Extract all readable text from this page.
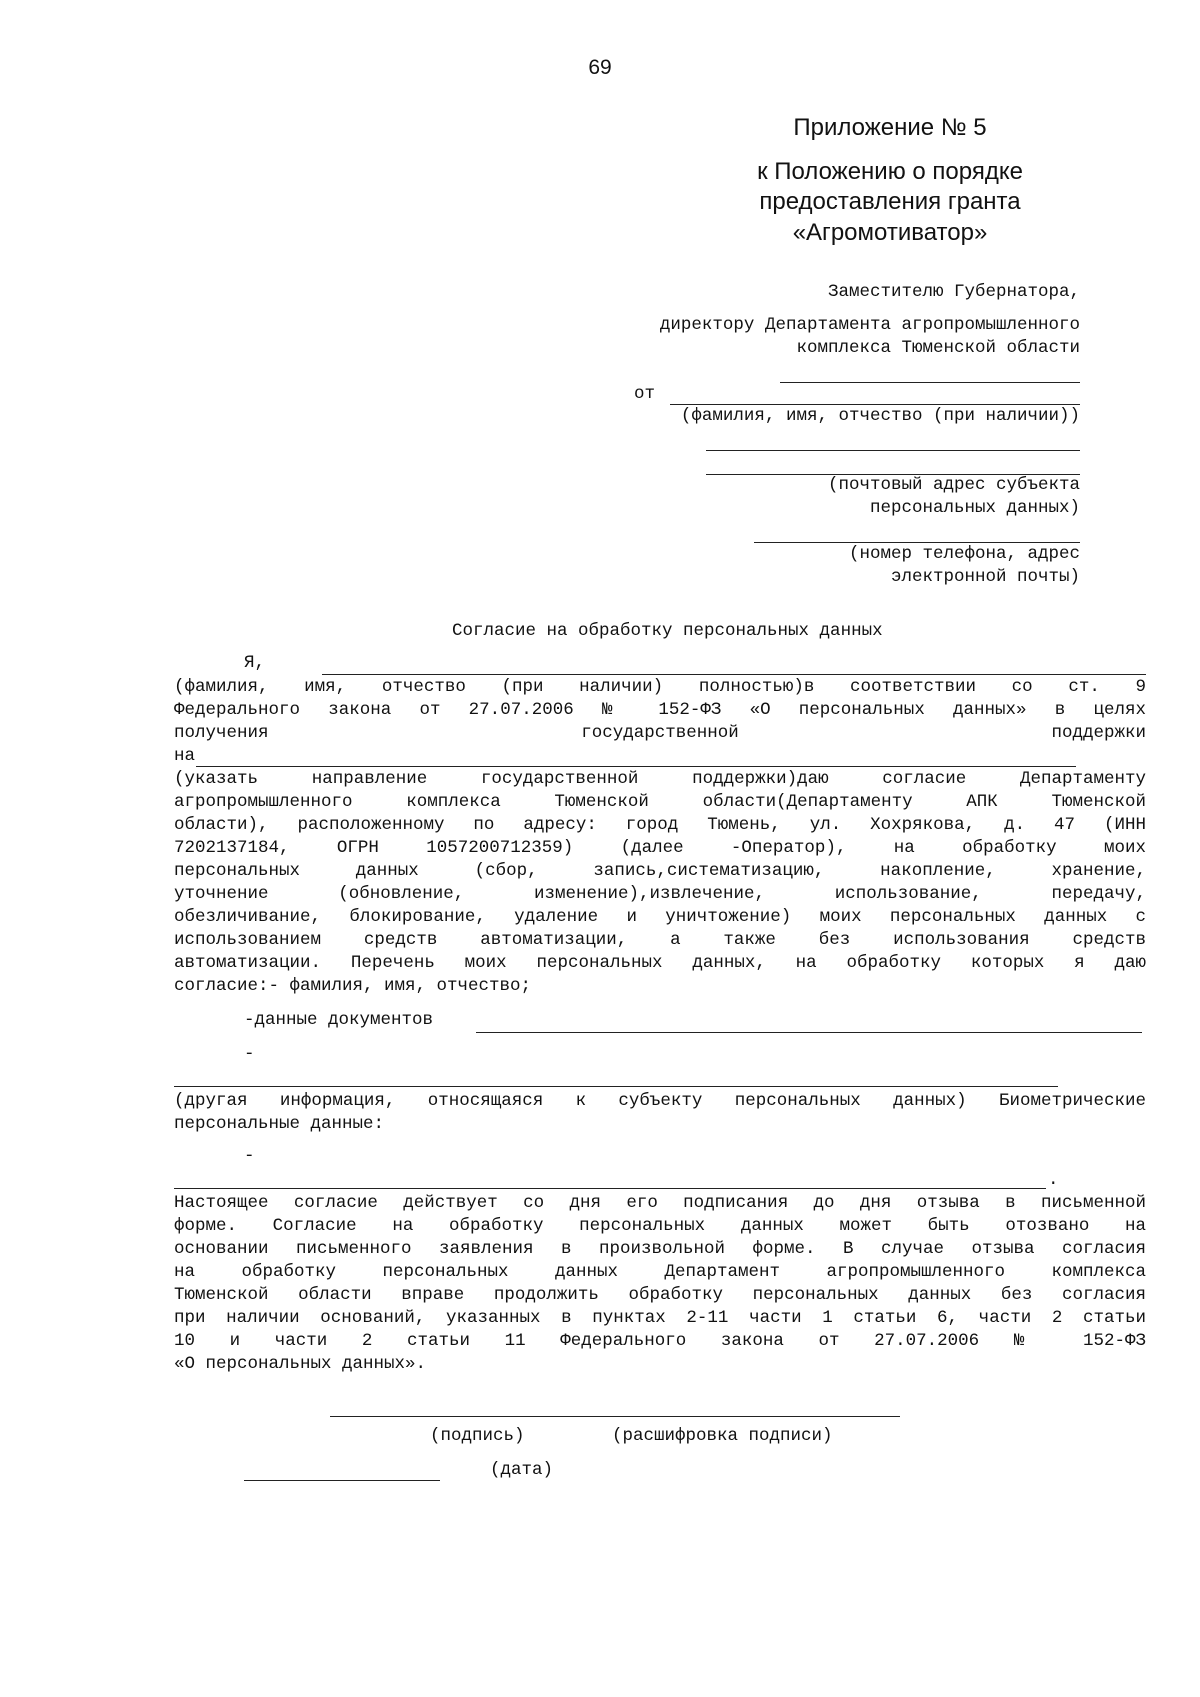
69
Приложение № 5
к Положению о порядке
предоставления гранта
«Агромотиватор»
Заместителю Губернатора,
директору Департамента агропромышленного
комплекса Тюменской области
от
(фамилия, имя, отчество (при наличии))
(почтовый адрес субъекта
персональных данных)
(номер телефона, адрес
электронной почты)
Согласие на обработку персональных данных
Я,
(фамилия, имя, отчество (при наличии) полностью)в соответствии со ст. 9
Федерального закона от 27.07.2006 № 152-ФЗ «О персональных данных» в целях
получения государственной поддержки
на
(указать направление государственной поддержки)даю согласие Департаменту
агропромышленного комплекса Тюменской области(Департаменту АПК Тюменской
области), расположенному по адресу: город Тюмень, ул. Хохрякова, д. 47 (ИНН
7202137184, ОГРН 1057200712359) (далее -Оператор), на обработку моих
персональных данных (сбор, запись,систематизацию, накопление, хранение,
уточнение (обновление, изменение),извлечение, использование, передачу,
обезличивание, блокирование, удаление и уничтожение) моих персональных данных с
использованием средств автоматизации, а также без использования средств
автоматизации. Перечень моих персональных данных, на обработку которых я даю
согласие:- фамилия, имя, отчество;
-данные документов
-
(другая информация, относящаяся к субъекту персональных данных) Биометрические
персональные данные:
-
.
Настоящее согласие действует со дня его подписания до дня отзыва в письменной
форме. Согласие на обработку персональных данных может быть отозвано на
основании письменного заявления в произвольной форме. В случае отзыва согласия
на обработку персональных данных Департамент агропромышленного комплекса
Тюменской области вправе продолжить обработку персональных данных без согласия
при наличии оснований, указанных в пунктах 2-11 части 1 статьи 6, части 2 статьи
10 и части 2 статьи 11 Федерального закона от 27.07.2006 № 152-ФЗ
«О персональных данных».
(подпись)	(расшифровка подписи)
(дата)
